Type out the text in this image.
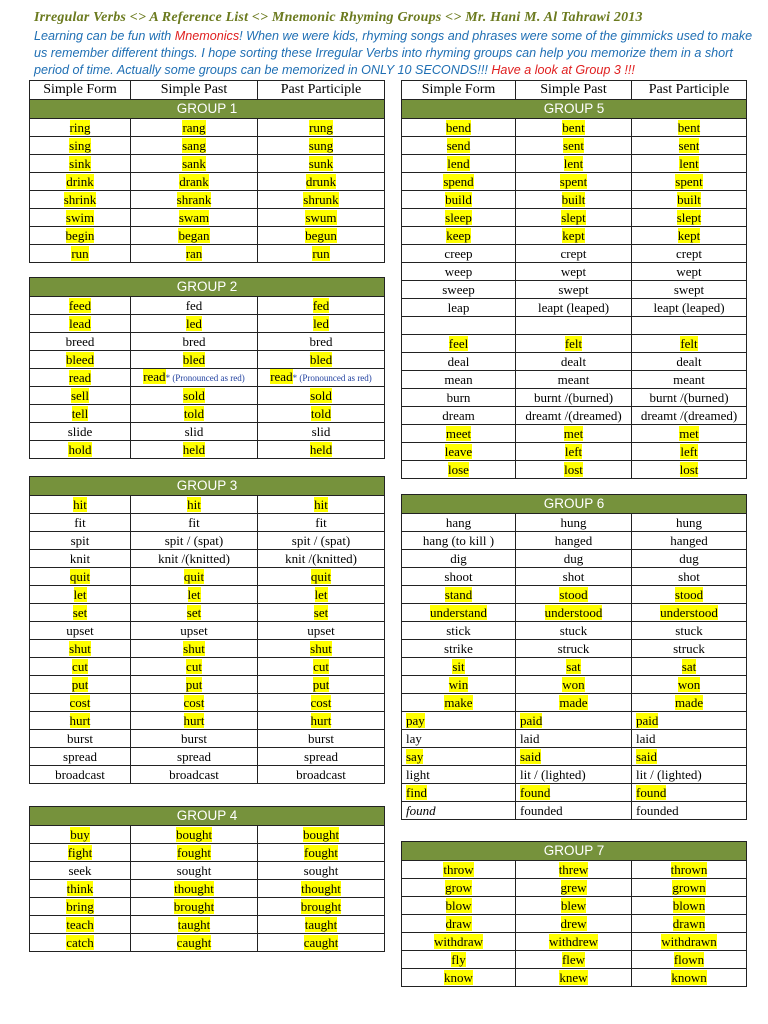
Irregular Verbs <> A Reference List <> Mnemonic Rhyming Groups <> Mr. Hani M. Al Tahrawi 2013
Learning can be fun with Mnemonics! When we were kids, rhyming songs and phrases were some of the gimmicks used to make us remember different things. I hope sorting these Irregular Verbs into rhyming groups can help you memorize them in a short period of time. Actually some groups can be memorized in ONLY 10 SECONDS!!! Have a look at Group 3 !!!
Simple Form	Simple Past	Past Participle
GROUP 1		
ring	rang	rung
sing	sang	sung
sink	sank	sunk
drink	drank	drunk
shrink	shrank	shrunk
swim	swam	swum
begin	began	begun
run	ran	run
GROUP 2		
feed	fed	fed
lead	led	led
breed	bred	bred
bleed	bled	bled
read	read* (Pronounced as red)	read* (Pronounced as red)
sell	sold	sold
tell	told	told
slide	slid	slid
hold	held	held
GROUP 3		
hit	hit	hit
fit	fit	fit
spit	spit / (spat)	spit / (spat)
knit	knit /(knitted)	knit /(knitted)
quit	quit	quit
let	let	let
set	set	set
upset	upset	upset
shut	shut	shut
cut	cut	cut
put	put	put
cost	cost	cost
hurt	hurt	hurt
burst	burst	burst
spread	spread	spread
broadcast	broadcast	broadcast
GROUP 4		
buy	bought	bought
fight	fought	fought
seek	sought	sought
think	thought	thought
bring	brought	brought
teach	taught	taught
catch	caught	caught
Simple Form	Simple Past	Past Participle
GROUP 5		
bend	bent	bent
send	sent	sent
lend	lent	lent
spend	spent	spent
build	built	built
sleep	slept	slept
keep	kept	kept
creep	crept	crept
weep	wept	wept
sweep	swept	swept
leap	leapt (leaped)	leapt (leaped)

feel	felt	felt
deal	dealt	dealt
mean	meant	meant
burn	burnt /(burned)	burnt /(burned)
dream	dreamt /(dreamed)	dreamt /(dreamed)
meet	met	met
leave	left	left
lose	lost	lost
GROUP 6		
hang	hung	hung
hang (to kill )	hanged	hanged
dig	dug	dug
shoot	shot	shot
stand	stood	stood
understand	understood	understood
stick	stuck	stuck
strike	struck	struck
sit	sat	sat
win	won	won
make	made	made
pay	paid	paid
lay	laid	laid
say	said	said
light	lit / (lighted)	lit / (lighted)
find	found	found
found	founded	founded
GROUP 7		
throw	threw	thrown
grow	grew	grown
blow	blew	blown
draw	drew	drawn
withdraw	withdrew	withdrawn
fly	flew	flown
know	knew	known
